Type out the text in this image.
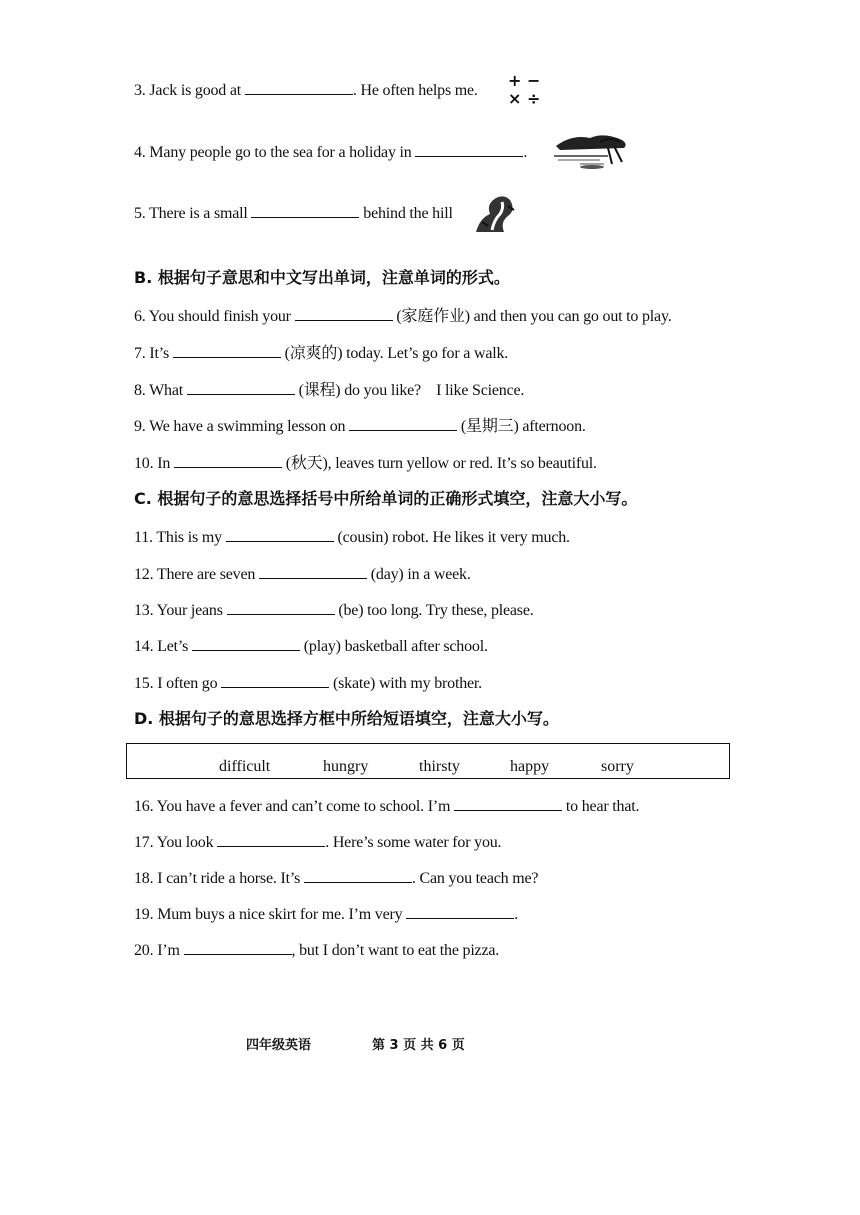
3. Jack is good at	. He often helps me.
+ −
× ÷
4. Many people go to the sea for a holiday in	.
5. There is a small	behind the hill
B. 根据句子意思和中文写出单词，注意单词的形式。
6. You should finish your	(家庭作业) and then you can go out to play.
7. It’s	(凉爽的) today. Let’s go for a walk.
8. What	(课程) do you like?    I like Science.
9. We have a swimming lesson on	(星期三) afternoon.
10. In	(秋天), leaves turn yellow or red. It’s so beautiful.
C. 根据句子的意思选择括号中所给单词的正确形式填空，注意大小写。
11. This is my	(cousin) robot. He likes it very much.
12. There are seven	(day) in a week.
13. Your jeans	(be) too long. Try these, please.
14. Let’s	(play) basketball after school.
15. I often go	(skate) with my brother.
D. 根据句子的意思选择方框中所给短语填空，注意大小写。
difficult	hungry	thirsty	happy	sorry
16. You have a fever and can’t come to school. I’m	to hear that.
17. You look	. Here’s some water for you.
18. I can’t ride a horse. It’s	. Can you teach me?
19. Mum buys a nice skirt for me. I’m very	.
20. I’m	, but I don’t want to eat the pizza.
四年级英语	第 3 页 共 6 页
